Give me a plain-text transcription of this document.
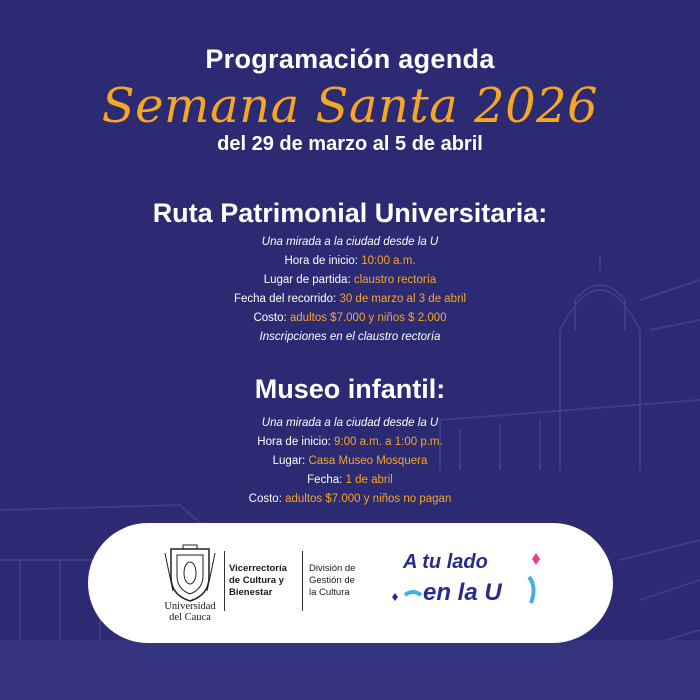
Programación agenda
Semana Santa 2026
del 29 de marzo al 5 de abril
Ruta Patrimonial Universitaria:
Una mirada a la ciudad desde la U
Hora de inicio: 10:00 a.m.
Lugar de partida: claustro rectoría
Fecha del recorrido: 30 de marzo al 3 de abril
Costo: adultos $7.000 y niños $ 2.000
Inscripciones en el claustro rectoría
Museo infantil:
Una mirada a la ciudad desde la U
Hora de inicio: 9:00 a.m. a 1:00 p.m.
Lugar: Casa Museo Mosquera
Fecha: 1 de abril
Costo: adultos $7.000 y niños no pagan
Universidad
del Cauca
Vicerrectoría
de Cultura y
Bienestar
División de
Gestión de
la Cultura
A tu lado
en la U
